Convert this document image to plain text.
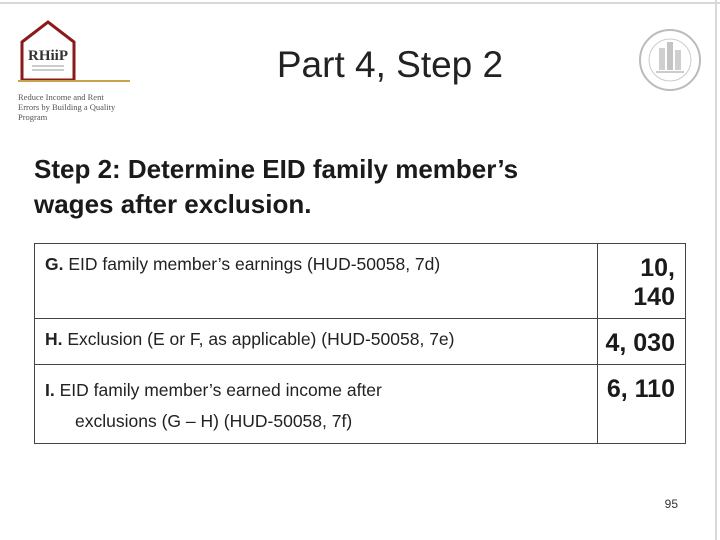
RHiiP
Reduce Income and Rent
Errors by Building a Quality
Program
Part 4, Step 2
Step 2: Determine EID family member’s
wages after exclusion.
G. EID family member’s earnings (HUD-50058, 7d)	10, 140
H. Exclusion (E or F, as applicable) (HUD-50058, 7e)	4, 030

I. EID family member’s earned income after
exclusions (G – H) (HUD-50058, 7f)	6, 110
95
